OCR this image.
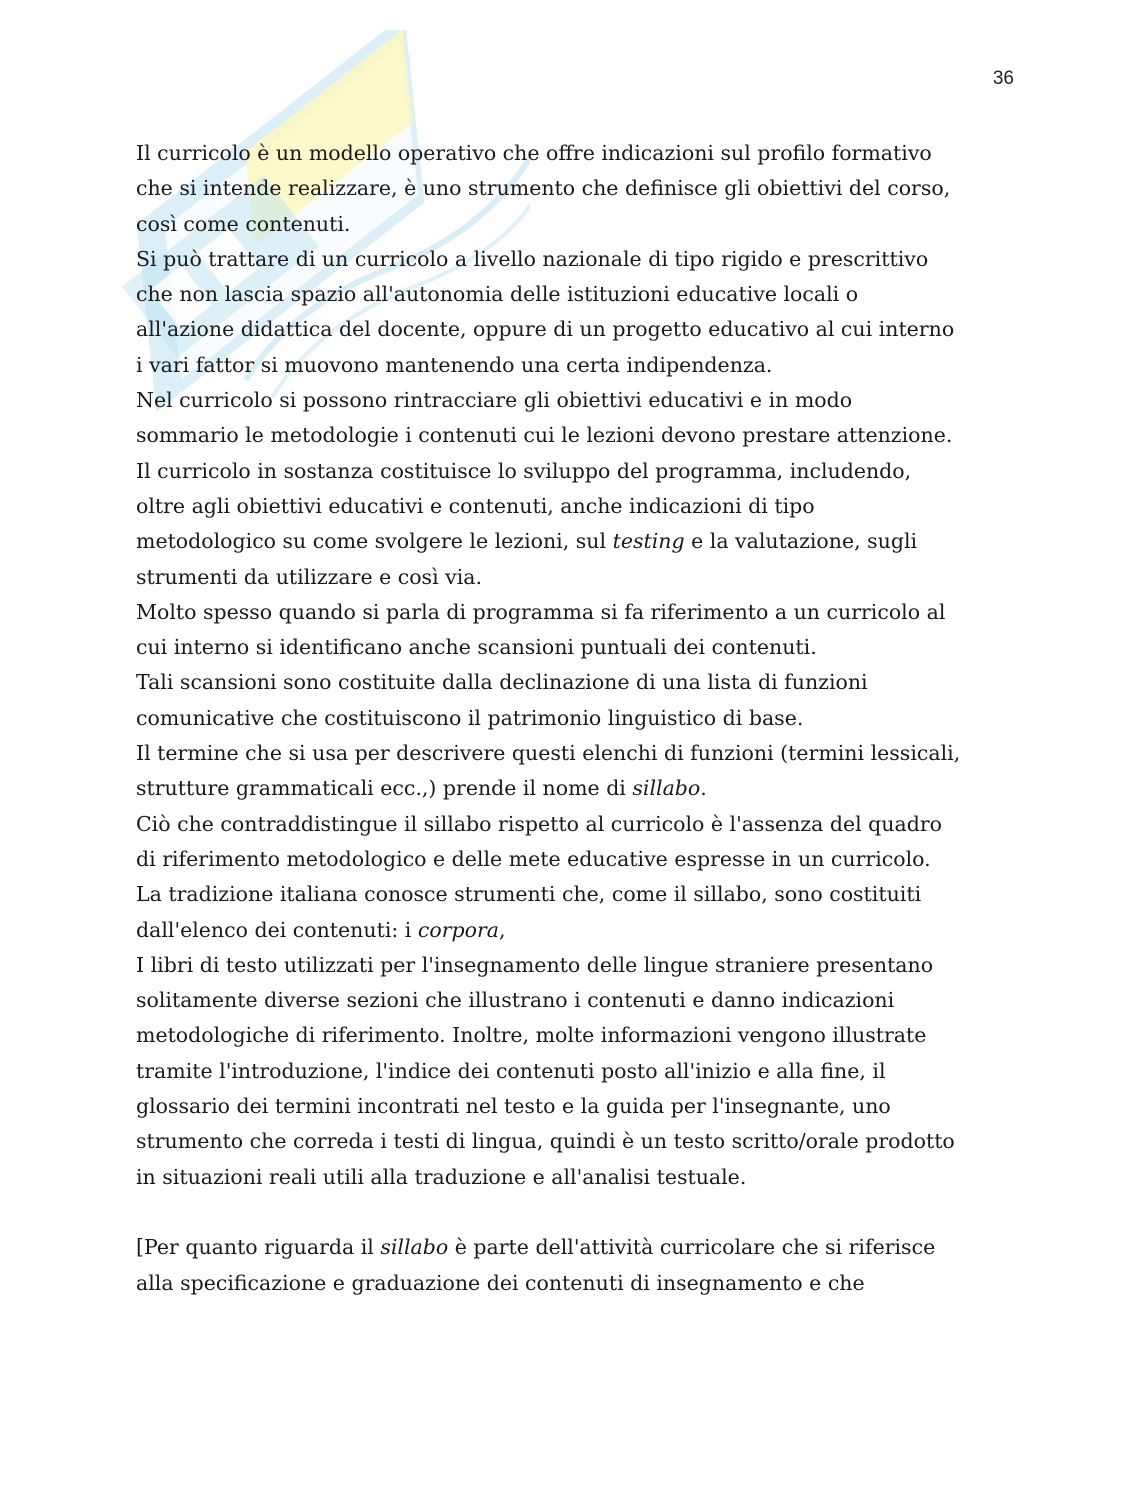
36

Il curricolo è un modello operativo che offre indicazioni sul profilo formativo
che si intende realizzare, è uno strumento che definisce gli obiettivi del corso,
così come contenuti.

Si può trattare di un curricolo a livello nazionale di tipo rigido e prescrittivo
che non lascia spazio all'autonomia delle istituzioni educative locali o
all'azione didattica del docente, oppure di un progetto educativo al cui interno
i vari fattor si muovono mantenendo una certa indipendenza.

Nel curricolo si possono rintracciare gli obiettivi educativi e in modo
sommario le metodologie i contenuti cui le lezioni devono prestare attenzione.

Il curricolo in sostanza costituisce lo sviluppo del programma, includendo,
oltre agli obiettivi educativi e contenuti, anche indicazioni di tipo
metodologico su come svolgere le lezioni, sul testing e la valutazione, sugli
strumenti da utilizzare e così via.

Molto spesso quando si parla di programma si fa riferimento a un curricolo al
cui interno si identificano anche scansioni puntuali dei contenuti.

Tali scansioni sono costituite dalla declinazione di una lista di funzioni
comunicative che costituiscono il patrimonio linguistico di base.

Il termine che si usa per descrivere questi elenchi di funzioni (termini lessicali,
strutture grammaticali ecc.,) prende il nome di sillabo.

Ciò che contraddistingue il sillabo rispetto al curricolo è l'assenza del quadro
di riferimento metodologico e delle mete educative espresse in un curricolo.

La tradizione italiana conosce strumenti che, come il sillabo, sono costituiti
dall'elenco dei contenuti: i corpora,

I libri di testo utilizzati per l'insegnamento delle lingue straniere presentano
solitamente diverse sezioni che illustrano i contenuti e danno indicazioni
metodologiche di riferimento. Inoltre, molte informazioni vengono illustrate
tramite l'introduzione, l'indice dei contenuti posto all'inizio e alla fine, il
glossario dei termini incontrati nel testo e la guida per l'insegnante, uno
strumento che correda i testi di lingua, quindi è un testo scritto/orale prodotto
in situazioni reali utili alla traduzione e all'analisi testuale.

[Per quanto riguarda il sillabo è parte dell'attività curricolare che si riferisce
alla specificazione e graduazione dei contenuti di insegnamento e che
